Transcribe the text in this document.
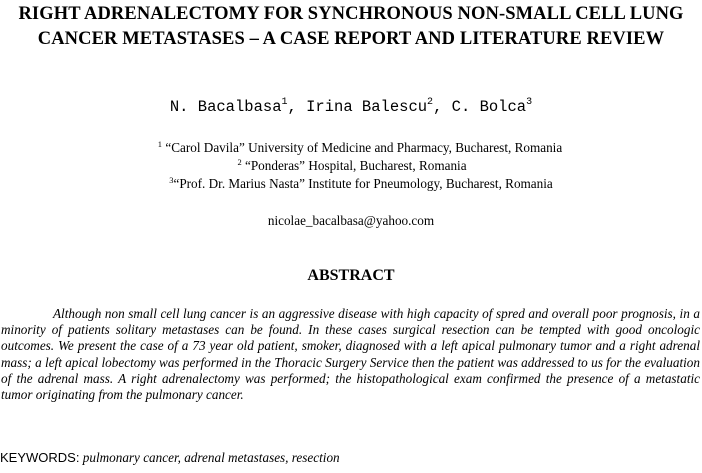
RIGHT ADRENALECTOMY FOR SYNCHRONOUS NON-SMALL CELL LUNG CANCER METASTASES – A CASE REPORT AND LITERATURE REVIEW
N. Bacalbasa$^1$, Irina Balescu$^2$, C. Bolca$^3$
$^1$ “Carol Davila” University of Medicine and Pharmacy, Bucharest, Romania
$^2$ “Ponderas” Hospital, Bucharest, Romania
$^3$“Prof. Dr. Marius Nasta” Institute for Pneumology, Bucharest, Romania
nicolae_bacalbasa@yahoo.com
ABSTRACT

Although non small cell lung cancer is an aggressive disease with high capacity of spred and overall poor prognosis, in a minority of patients solitary metastases can be found. In these cases surgical resection can be tempted with good oncologic outcomes. We present the case of a 73 year old patient, smoker, diagnosed with a left apical pulmonary tumor and a right adrenal mass; a left apical lobectomy was performed in the Thoracic Surgery Service then the patient was addressed to us for the evaluation of the adrenal mass. A right adrenalectomy was performed; the histopathological exam confirmed the presence of a metastatic tumor originating from the pulmonary cancer.

KEYWORDS: pulmonary cancer, adrenal metastases, resection
